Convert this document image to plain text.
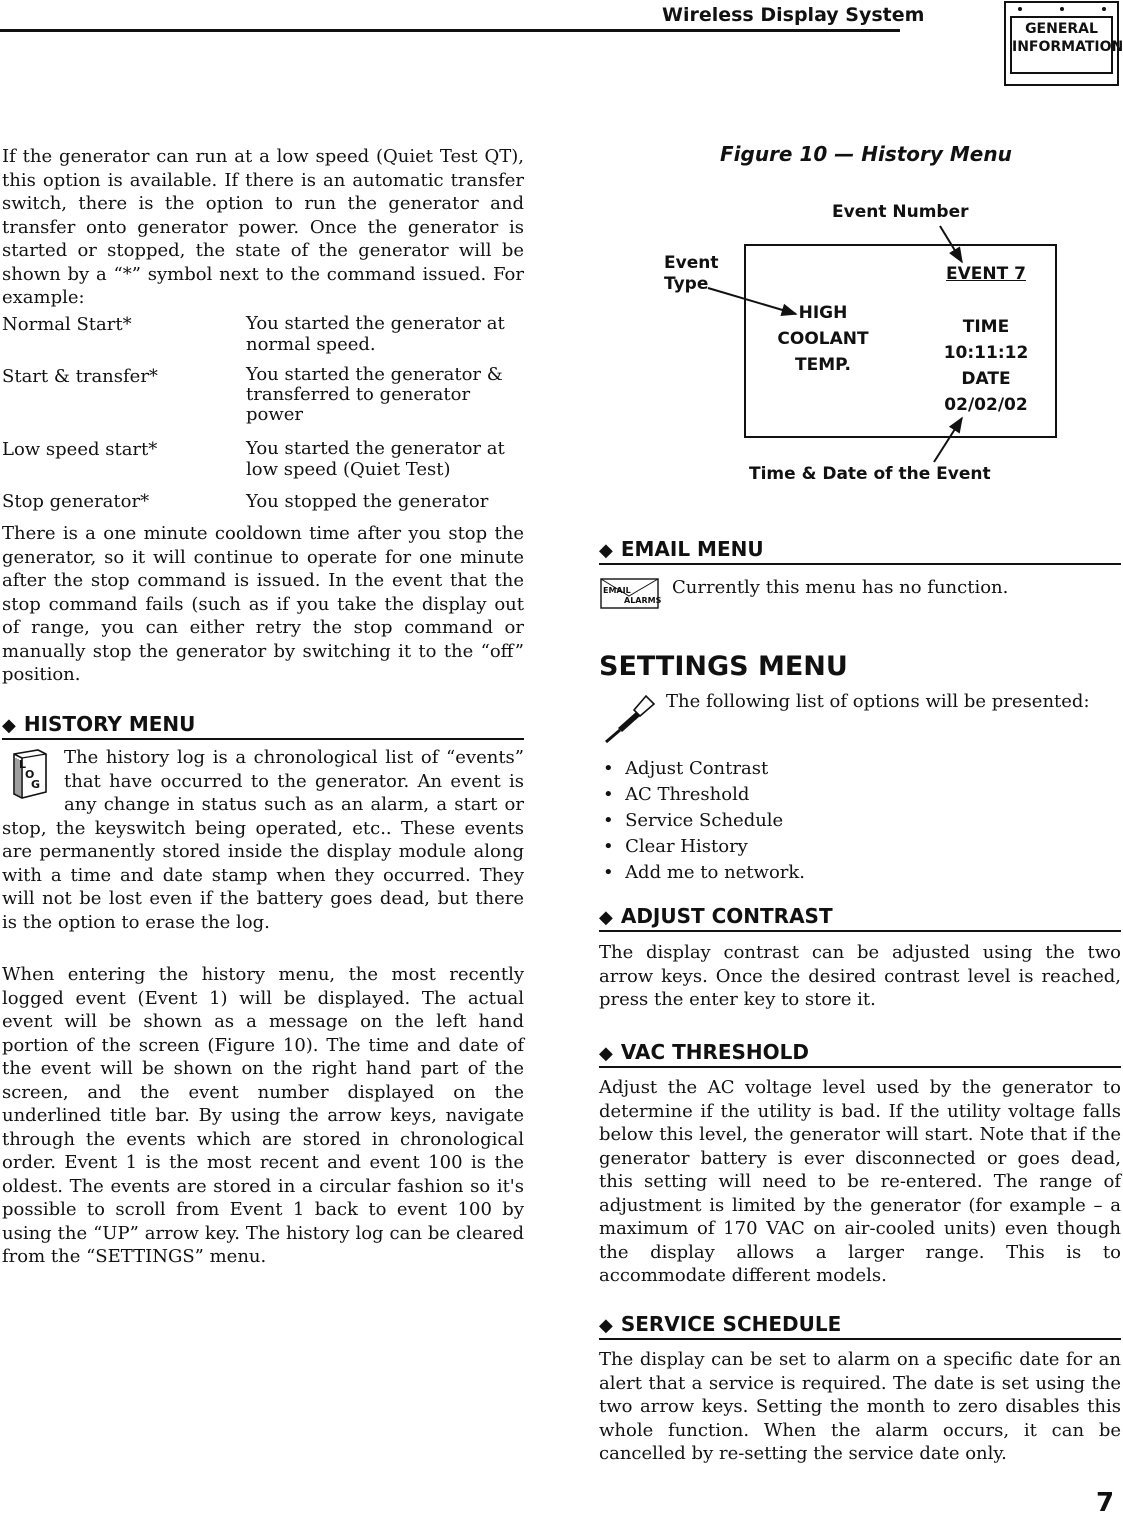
Wireless Display System
GENERAL
INFORMATION

If the generator can run at a low speed (Quiet Test QT), this option is available. If there is an automatic transfer switch, there is the option to run the generator and transfer onto generator power. Once the generator is started or stopped, the state of the generator will be shown by a “*” symbol next to the command issued. For example:

Normal Start*	You started the generator at normal speed.
Start & transfer*	You started the generator & transferred to generator power
Low speed start*	You started the generator at low speed (Quiet Test)
Stop generator*	You stopped the generator

There is a one minute cooldown time after you stop the generator, so it will continue to operate for one minute after the stop command is issued. In the event that the stop command fails (such as if you take the display out of range, you can either retry the stop command or manually stop the generator by switching it to the “off” position.

◆ HISTORY MENU
L
O
G

The history log is a chronological list of “events” that have occurred to the generator. An event is any change in status such as an alarm, a start or stop, the keyswitch being operated, etc.. These events are permanently stored inside the display module along with a time and date stamp when they occurred. They will not be lost even if the battery goes dead, but there is the option to erase the log.

When entering the history menu, the most recently logged event (Event 1) will be displayed. The actual event will be shown as a message on the left hand portion of the screen (Figure 10). The time and date of the event will be shown on the right hand part of the screen, and the event number displayed on the underlined title bar. By using the arrow keys, navigate through the events which are stored in chronological order. Event 1 is the most recent and event 100 is the oldest. The events are stored in a circular fashion so it's possible to scroll from Event 1 back to event 100 by using the “UP” arrow key. The history log can be cleared from the “SETTINGS” menu.

Figure 10 — History Menu
Event Number
Event
Type
HIGH
COOLANT
TEMP.
EVENT 7
TIME
10:11:12
DATE
02/02/02
Time & Date of the Event
◆ EMAIL MENU
EMAIL
ALARMS

Currently this menu has no function.

SETTINGS MENU

The following list of options will be presented:

•  Adjust Contrast
•  AC Threshold
•  Service Schedule
•  Clear History
•  Add me to network.
◆ ADJUST CONTRAST

The display contrast can be adjusted using the two arrow keys. Once the desired contrast level is reached, press the enter key to store it.

◆ VAC THRESHOLD

Adjust the AC voltage level used by the generator to determine if the utility is bad. If the utility voltage falls below this level, the generator will start. Note that if the generator battery is ever disconnected or goes dead, this setting will need to be re-entered. The range of adjustment is limited by the generator (for example – a maximum of 170 VAC on air-cooled units) even though the display allows a larger range. This is to accommodate different models.

◆ SERVICE SCHEDULE

The display can be set to alarm on a specific date for an alert that a service is required. The date is set using the two arrow keys. Setting the month to zero disables this whole function. When the alarm occurs, it can be cancelled by re-setting the service date only.

7
